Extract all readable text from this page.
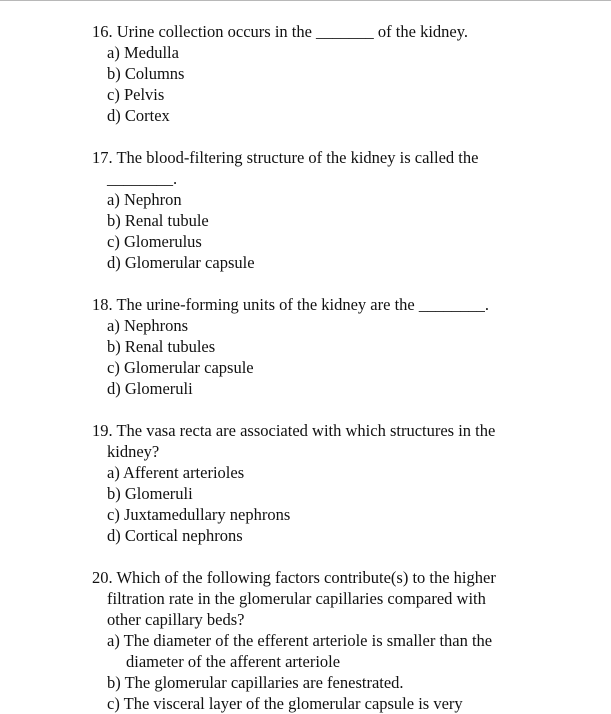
16. Urine collection occurs in the _______ of the kidney.
a) Medulla
b) Columns
c) Pelvis
d) Cortex
17. The blood-filtering structure of the kidney is called the
________.
a) Nephron
b) Renal tubule
c) Glomerulus
d) Glomerular capsule
18. The urine-forming units of the kidney are the ________.
a) Nephrons
b) Renal tubules
c) Glomerular capsule
d) Glomeruli
19. The vasa recta are associated with which structures in the
kidney?
a) Afferent arterioles
b) Glomeruli
c) Juxtamedullary nephrons
d) Cortical nephrons
20. Which of the following factors contribute(s) to the higher
filtration rate in the glomerular capillaries compared with
other capillary beds?
a) The diameter of the efferent arteriole is smaller than the
diameter of the afferent arteriole
b) The glomerular capillaries are fenestrated.
c) The visceral layer of the glomerular capsule is very
